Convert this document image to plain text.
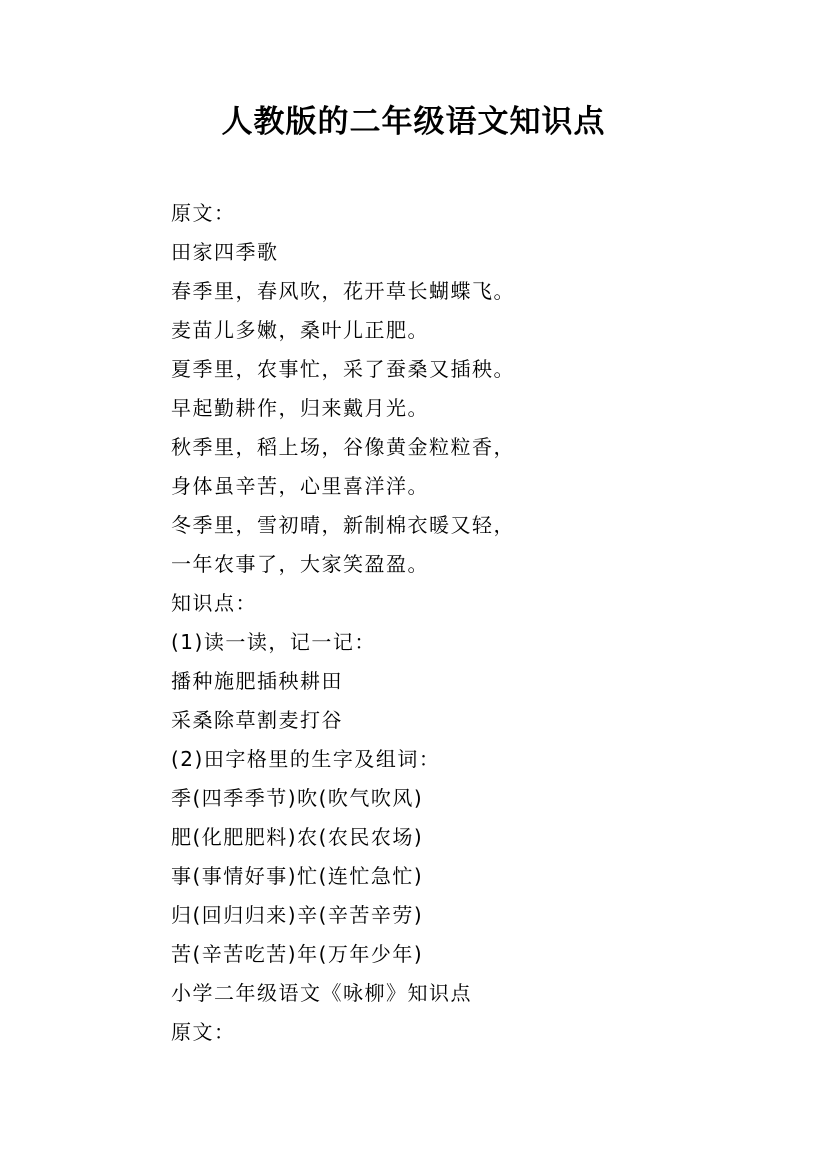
人教版的二年级语文知识点
原文：
田家四季歌
春季里，春风吹，花开草长蝴蝶飞。
麦苗儿多嫩，桑叶儿正肥。
夏季里，农事忙，采了蚕桑又插秧。
早起勤耕作，归来戴月光。
秋季里，稻上场，谷像黄金粒粒香，
身体虽辛苦，心里喜洋洋。
冬季里，雪初晴，新制棉衣暖又轻，
一年农事了，大家笑盈盈。
知识点：
(1)读一读，记一记：
播种施肥插秧耕田
采桑除草割麦打谷
(2)田字格里的生字及组词：
季(四季季节)吹(吹气吹风)
肥(化肥肥料)农(农民农场)
事(事情好事)忙(连忙急忙)
归(回归归来)辛(辛苦辛劳)
苦(辛苦吃苦)年(万年少年)
小学二年级语文《咏柳》知识点
原文：
